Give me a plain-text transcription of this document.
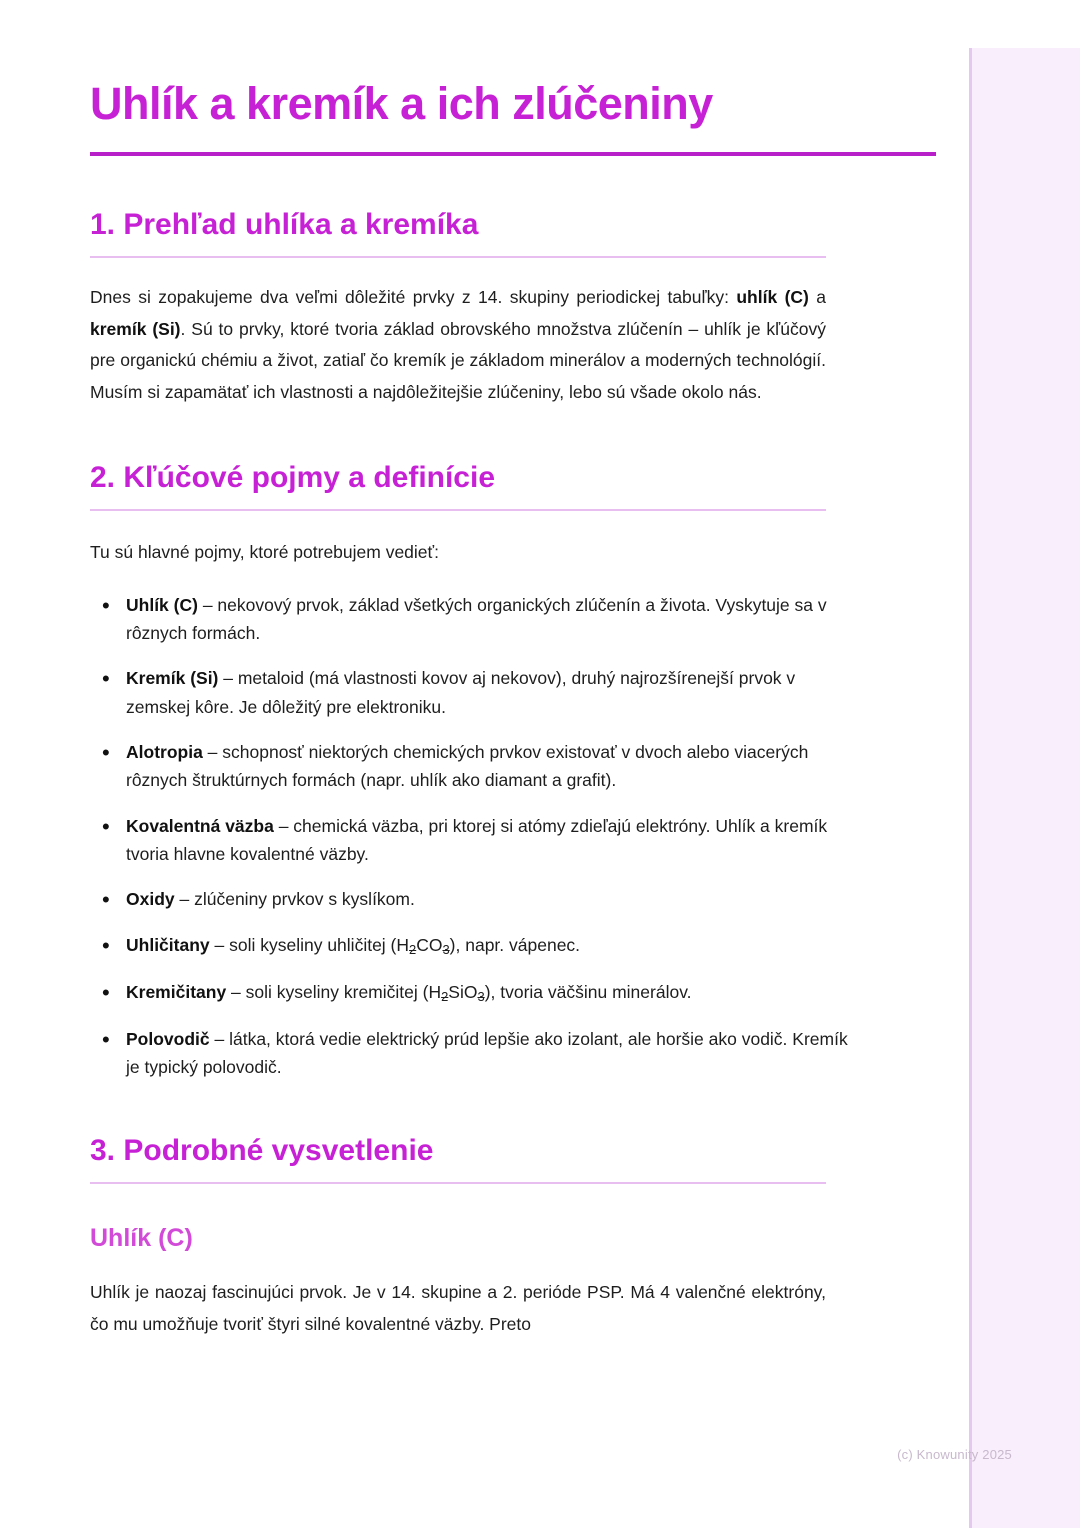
Uhlík a kremík a ich zlúčeniny
1. Prehľad uhlíka a kremíka

Dnes si zopakujeme dva veľmi dôležité prvky z 14. skupiny periodickej tabuľky: uhlík (C) a kremík (Si). Sú to prvky, ktoré tvoria základ obrovského množstva zlúčenín – uhlík je kľúčový pre organickú chémiu a život, zatiaľ čo kremík je základom minerálov a moderných technológií. Musím si zapamätať ich vlastnosti a najdôležitejšie zlúčeniny, lebo sú všade okolo nás.

2. Kľúčové pojmy a definície

Tu sú hlavné pojmy, ktoré potrebujem vedieť:

• Uhlík (C) – nekovový prvok, základ všetkých organických zlúčenín a života. Vyskytuje sa v rôznych formách.
• Kremík (Si) – metaloid (má vlastnosti kovov aj nekovov), druhý najrozšírenejší prvok v zemskej kôre. Je dôležitý pre elektroniku.
• Alotropia – schopnosť niektorých chemických prvkov existovať v dvoch alebo viacerých rôznych štruktúrnych formách (napr. uhlík ako diamant a grafit).
• Kovalentná väzba – chemická väzba, pri ktorej si atómy zdieľajú elektróny. Uhlík a kremík tvoria hlavne kovalentné väzby.
• Oxidy – zlúčeniny prvkov s kyslíkom.
• Uhličitany – soli kyseliny uhličitej $(H_2CO_3)$, napr. vápenec.
• Kremičitany – soli kyseliny kremičitej $(H_2SiO_3)$, tvoria väčšinu minerálov.
• Polovodič – látka, ktorá vedie elektrický prúd lepšie ako izolant, ale horšie ako vodič. Kremík je typický polovodič.
3. Podrobné vysvetlenie
Uhlík (C)

Uhlík je naozaj fascinujúci prvok. Je v 14. skupine a 2. perióde PSP. Má 4 valenčné elektróny, čo mu umožňuje tvoriť štyri silné kovalentné väzby. Preto

(c) Knowunity 2025
